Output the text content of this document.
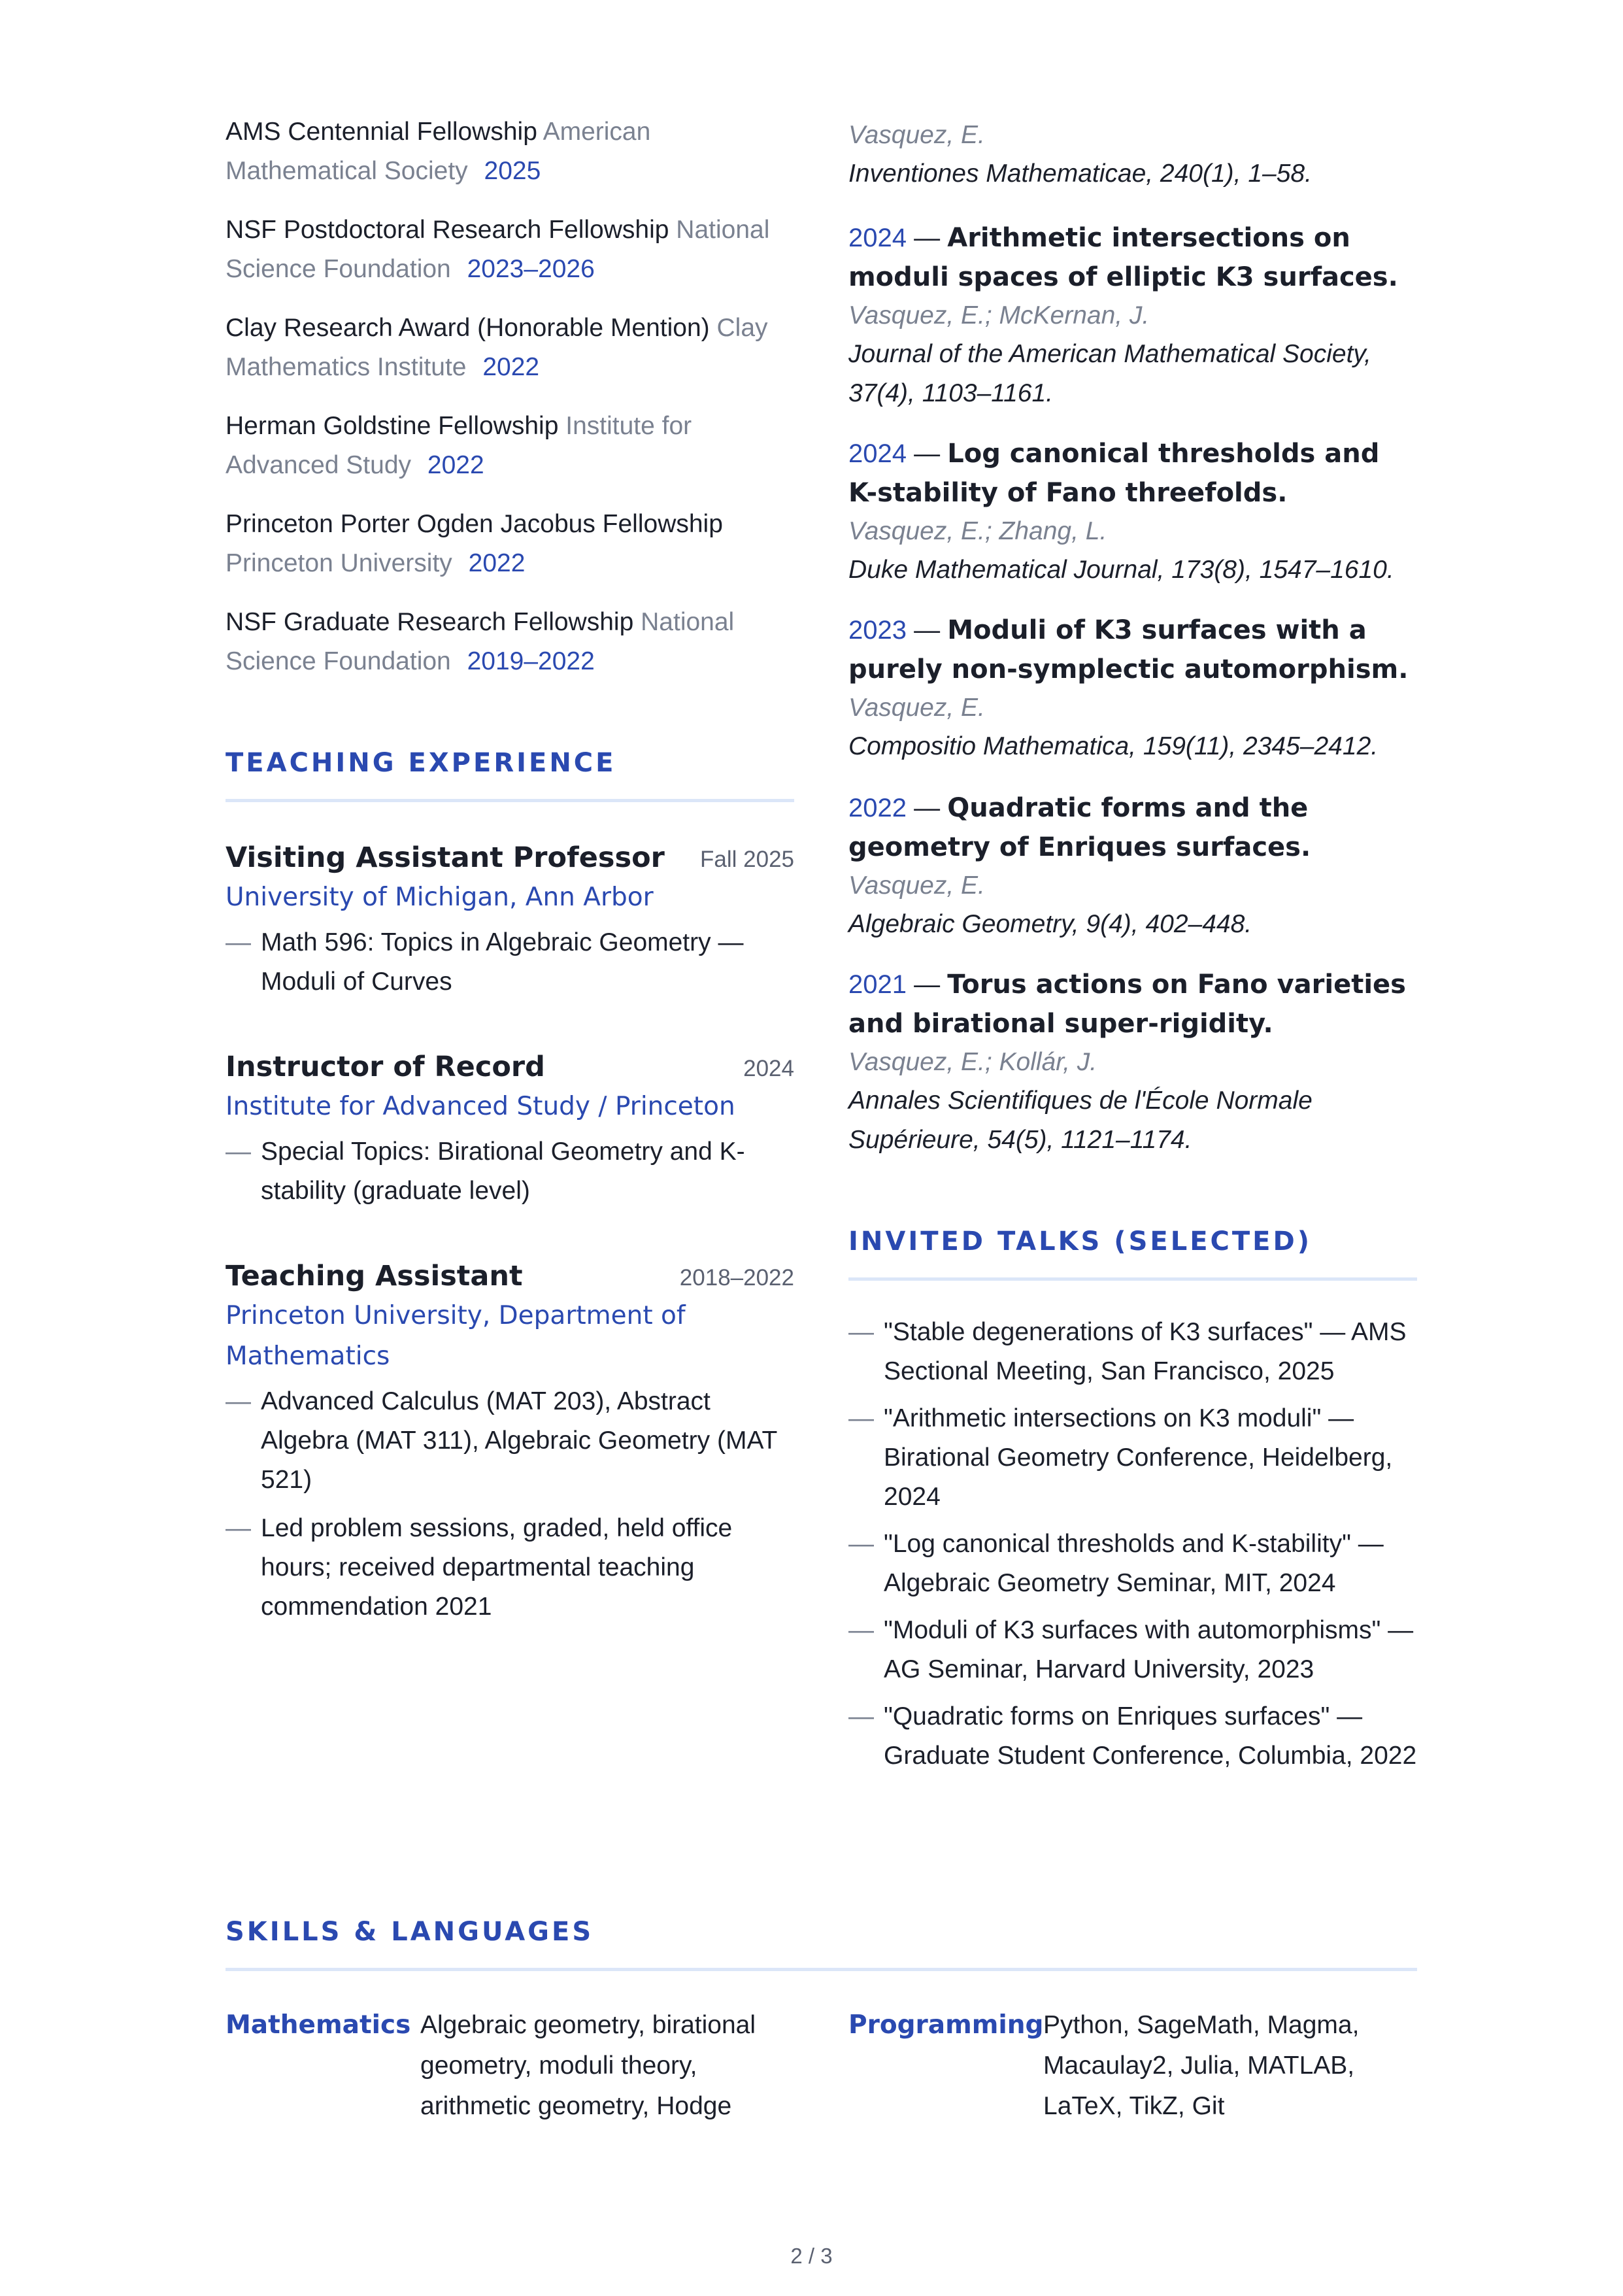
AMS Centennial Fellowship American Mathematical Society 2025
NSF Postdoctoral Research Fellowship National Science Foundation 2023–2026
Clay Research Award (Honorable Mention) Clay Mathematics Institute 2022
Herman Goldstine Fellowship Institute for Advanced Study 2022
Princeton Porter Ogden Jacobus Fellowship Princeton University 2022
NSF Graduate Research Fellowship National Science Foundation 2019–2022
TEACHING EXPERIENCE
Visiting Assistant Professor Fall 2025
University of Michigan, Ann Arbor
— Math 596: Topics in Algebraic Geometry — Moduli of Curves
Instructor of Record	2024
Institute for Advanced Study / Princeton
— Special Topics: Birational Geometry and K-stability (graduate level)
Teaching Assistant	2018–2022
Princeton University, Department of Mathematics
— Advanced Calculus (MAT 203), Abstract Algebra (MAT 311), Algebraic Geometry (MAT 521)
— Led problem sessions, graded, held office hours; received departmental teaching commendation 2021
Vasquez, E.
Inventiones Mathematicae, 240(1), 1–58.
2024 — Arithmetic intersections on moduli spaces of elliptic K3 surfaces.
Vasquez, E.; McKernan, J.
Journal of the American Mathematical Society, 37(4), 1103–1161.
2024 — Log canonical thresholds and K-stability of Fano threefolds.
Vasquez, E.; Zhang, L.
Duke Mathematical Journal, 173(8), 1547–1610.
2023 — Moduli of K3 surfaces with a purely non-symplectic automorphism.
Vasquez, E.
Compositio Mathematica, 159(11), 2345–2412.
2022 — Quadratic forms and the geometry of Enriques surfaces.
Vasquez, E.
Algebraic Geometry, 9(4), 402–448.
2021 — Torus actions on Fano varieties and birational super-rigidity.
Vasquez, E.; Kollár, J.
Annales Scientifiques de l'École Normale Supérieure, 54(5), 1121–1174.
INVITED TALKS (SELECTED)
— "Stable degenerations of K3 surfaces" — AMS Sectional Meeting, San Francisco, 2025
— "Arithmetic intersections on K3 moduli" — Birational Geometry Conference, Heidelberg, 2024
— "Log canonical thresholds and K-stability" — Algebraic Geometry Seminar, MIT, 2024
— "Moduli of K3 surfaces with automorphisms" — AG Seminar, Harvard University, 2023
— "Quadratic forms on Enriques surfaces" — Graduate Student Conference, Columbia, 2022
SKILLS & LANGUAGES
Mathematics Algebraic geometry, birational geometry, moduli theory, arithmetic geometry, Hodge
Programming Python, SageMath, Magma, Macaulay2, Julia, MATLAB, LaTeX, TikZ, Git
2 / 3
